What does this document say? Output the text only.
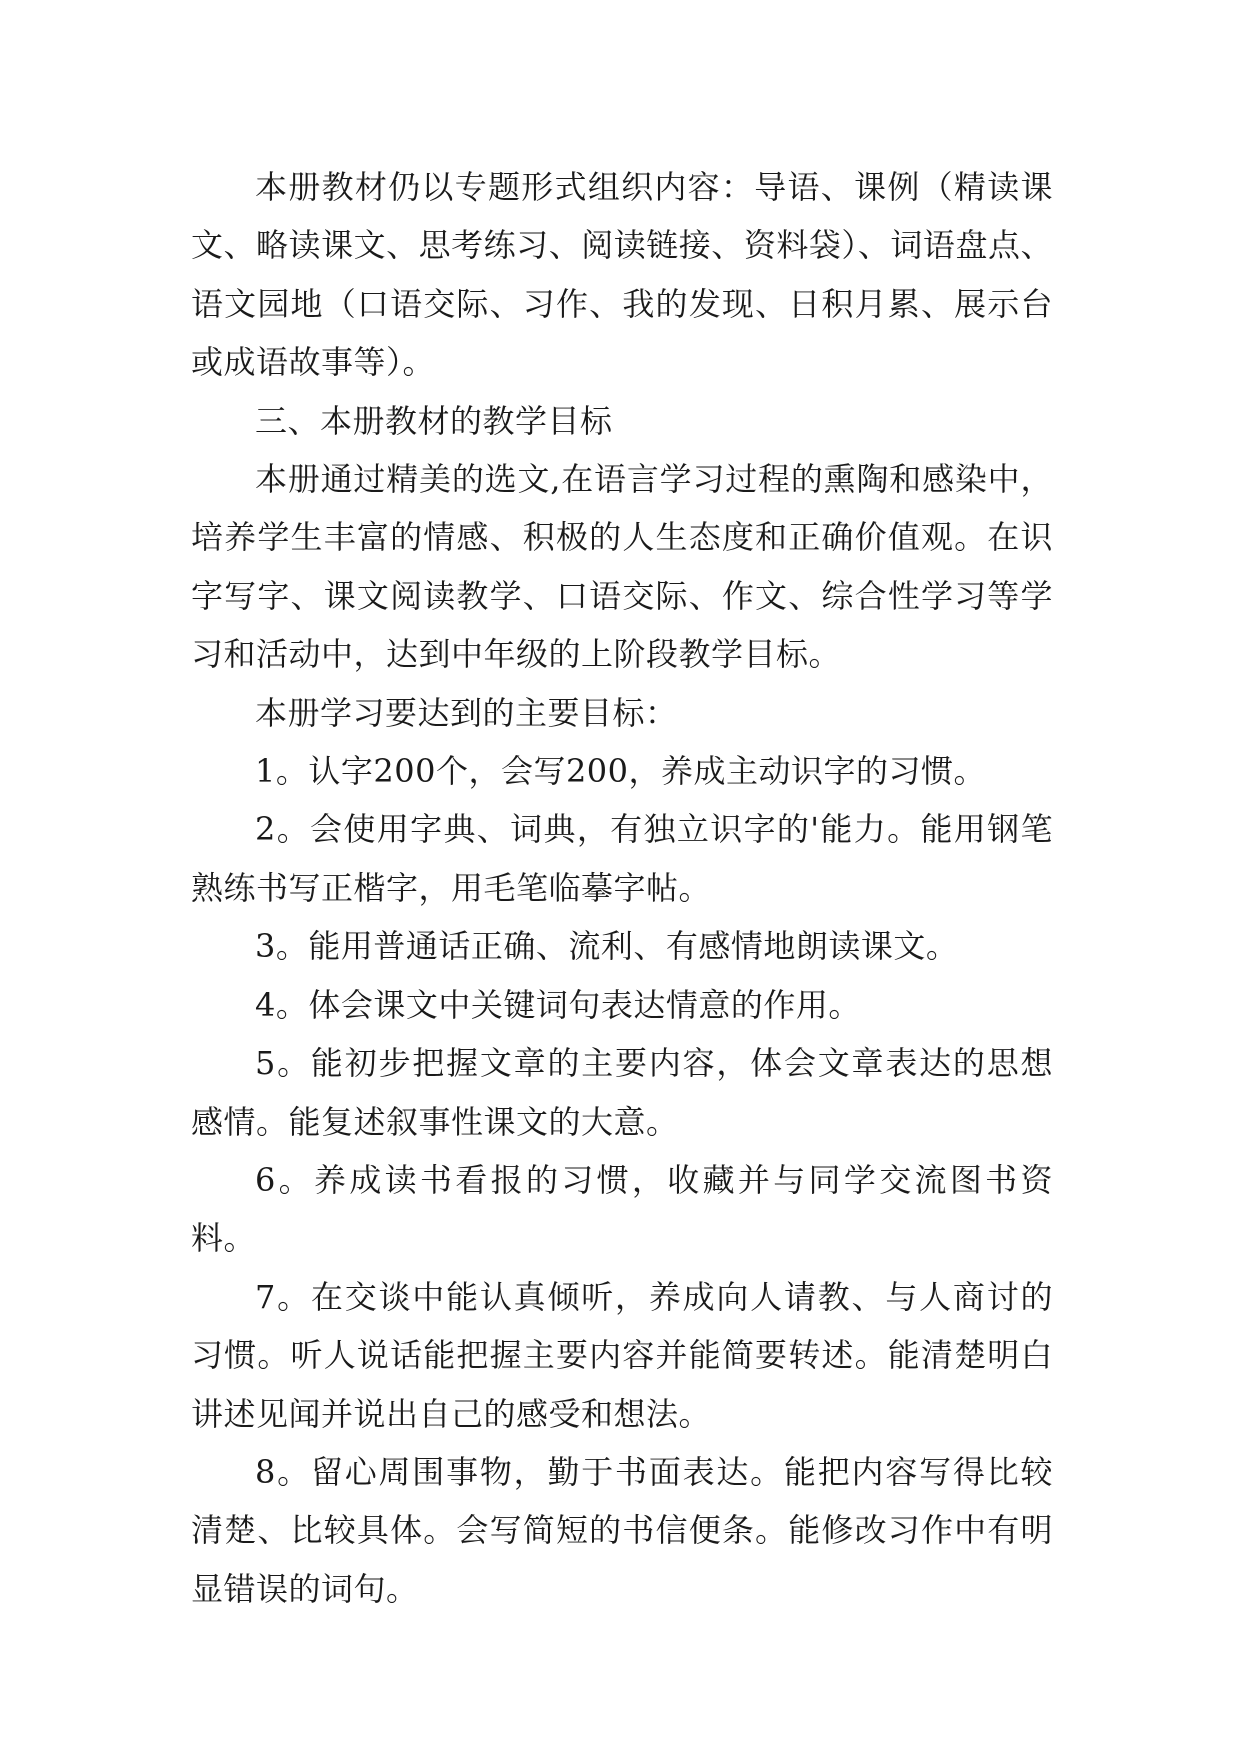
本册教材仍以专题形式组织内容：导语、课例（精读课文、略读课文、思考练习、阅读链接、资料袋）、词语盘点、语文园地（口语交际、习作、我的发现、日积月累、展示台或成语故事等）。

三、本册教材的教学目标

本册通过精美的选文,在语言学习过程的熏陶和感染中，培养学生丰富的情感、积极的人生态度和正确价值观。在识字写字、课文阅读教学、口语交际、作文、综合性学习等学习和活动中，达到中年级的上阶段教学目标。

本册学习要达到的主要目标：

1。认字200个，会写200，养成主动识字的习惯。

2。会使用字典、词典，有独立识字的'能力。能用钢笔熟练书写正楷字，用毛笔临摹字帖。

3。能用普通话正确、流利、有感情地朗读课文。

4。体会课文中关键词句表达情意的作用。

5。能初步把握文章的主要内容，体会文章表达的思想感情。能复述叙事性课文的大意。

6。养成读书看报的习惯，收藏并与同学交流图书资料。

7。在交谈中能认真倾听，养成向人请教、与人商讨的习惯。听人说话能把握主要内容并能简要转述。能清楚明白讲述见闻并说出自己的感受和想法。

8。留心周围事物，勤于书面表达。能把内容写得比较清楚、比较具体。会写简短的书信便条。能修改习作中有明显错误的词句。
